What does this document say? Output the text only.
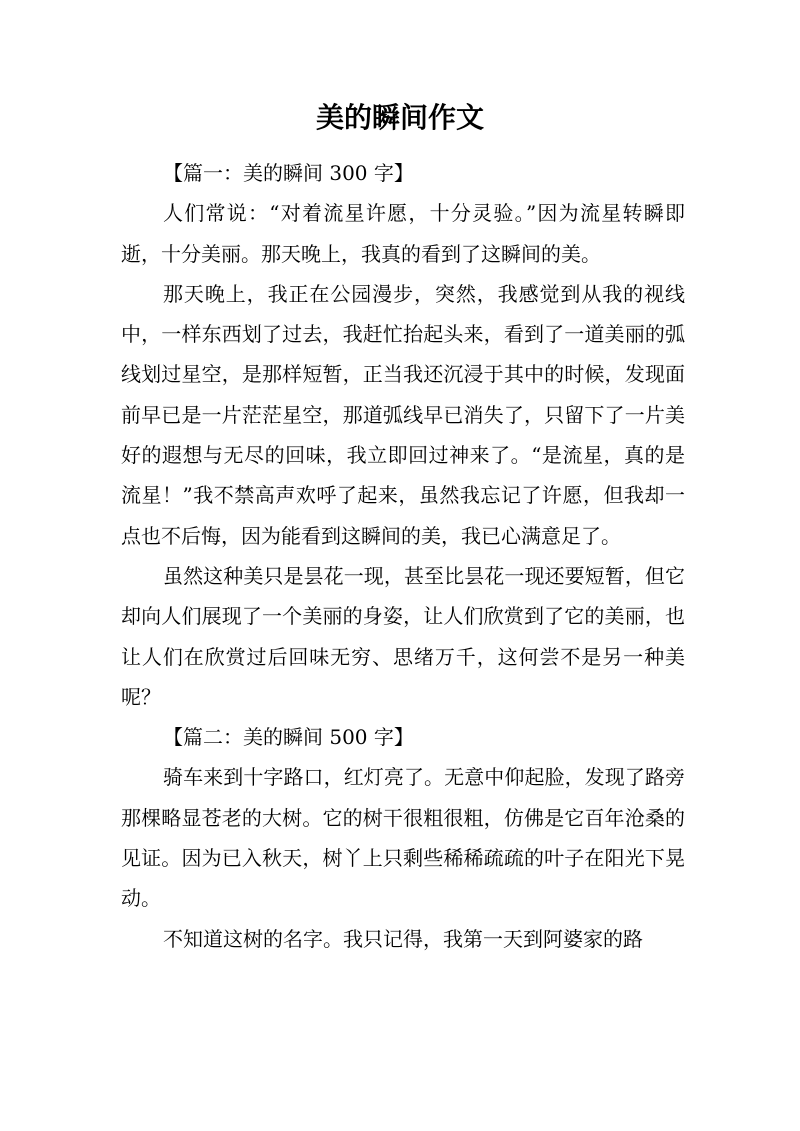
美的瞬间作文

【篇一：美的瞬间 300 字】

人们常说：“对着流星许愿，十分灵验。”因为流星转瞬即逝，十分美丽。那天晚上，我真的看到了这瞬间的美。

那天晚上，我正在公园漫步，突然，我感觉到从我的视线中，一样东西划了过去，我赶忙抬起头来，看到了一道美丽的弧线划过星空，是那样短暂，正当我还沉浸于其中的时候，发现面前早已是一片茫茫星空，那道弧线早已消失了，只留下了一片美好的遐想与无尽的回味，我立即回过神来了。“是流星，真的是流星！”我不禁高声欢呼了起来，虽然我忘记了许愿，但我却一点也不后悔，因为能看到这瞬间的美，我已心满意足了。

虽然这种美只是昙花一现，甚至比昙花一现还要短暂，但它却向人们展现了一个美丽的身姿，让人们欣赏到了它的美丽，也让人们在欣赏过后回味无穷、思绪万千，这何尝不是另一种美呢？

【篇二：美的瞬间 500 字】

骑车来到十字路口，红灯亮了。无意中仰起脸，发现了路旁那棵略显苍老的大树。它的树干很粗很粗，仿佛是它百年沧桑的见证。因为已入秋天，树丫上只剩些稀稀疏疏的叶子在阳光下晃动。

不知道这树的名字。我只记得，我第一天到阿婆家的路
